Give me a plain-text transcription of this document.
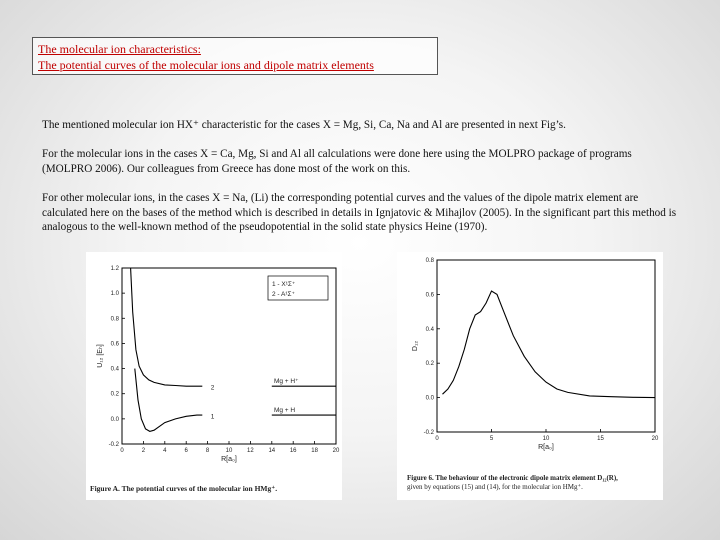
The molecular ion characteristics:
The potential curves of the molecular ions and dipole matrix elements
The mentioned molecular ion HX⁺ characteristic for the cases X = Mg, Si, Ca, Na and Al are presented in next Fig’s.
For the molecular ions in the cases X = Ca, Mg, Si and Al all calculations were done here using the MOLPRO package of programs (MOLPRO 2006). Our colleagues from Greece has done most of the work on this.
For other molecular ions, in the cases X = Na, (Li) the corresponding potential curves and the values of the dipole matrix element are calculated here on the bases of the method which is described in details in Ignjatovic & Mihajlov (2005). In the significant part this method is analogous to the well-known method of the pseudopotential in the solid state physics Heine (1970).
0	2	4	6	8	10 12 14 16 18 20
-0.2
0.0
0.2
0.4
0.6
0.8
1.0
1.2
R[a₀]
U₁₂ [Eₕ]
1 - X¹Σ⁺
2 - A¹Σ⁺
2
1
Mg + H⁺
Mg + H
Figure A. The potential curves of the molecular ion HMg⁺.
0	5	10	15	20
-0.2
0.0
0.2
0.4
0.6
0.8
R[a₀]
D₁₂
Figure 6. The behaviour of the electronic dipole matrix element D₁₂(R),
given by equations (15) and (14), for the molecular ion HMg⁺.
